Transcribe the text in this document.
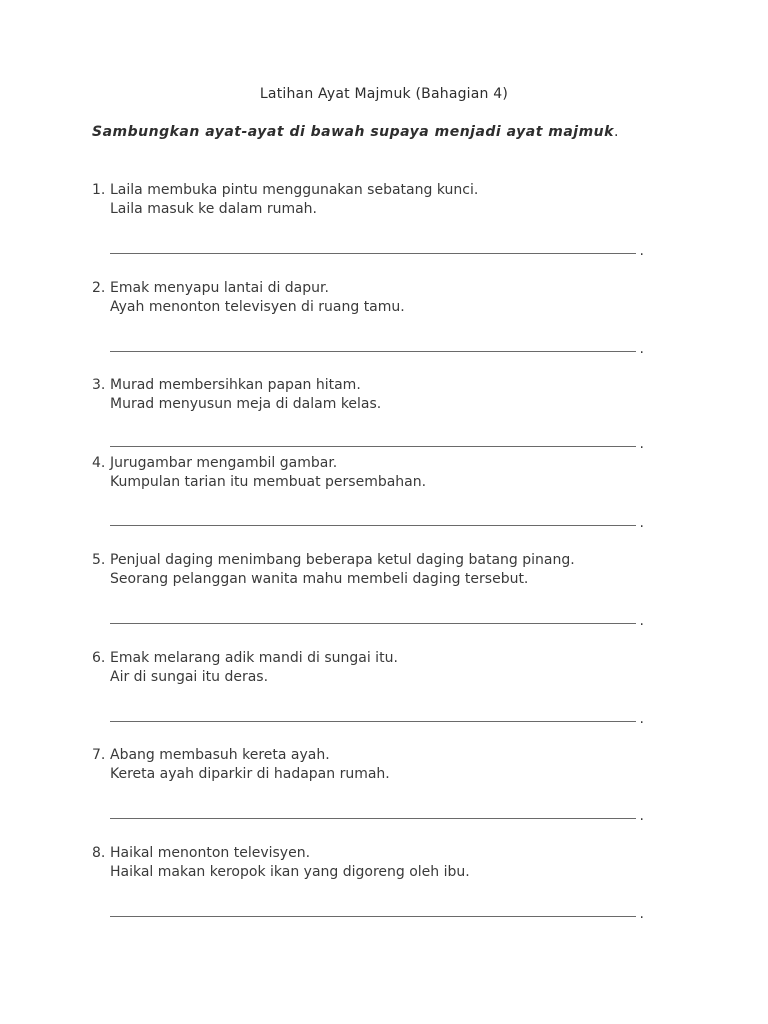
Latihan Ayat Majmuk (Bahagian 4)
Sambungkan ayat-ayat di bawah supaya menjadi ayat majmuk.
1. Laila membuka pintu menggunakan sebatang kunci.
Laila masuk ke dalam rumah.
.
2. Emak menyapu lantai di dapur.
Ayah menonton televisyen di ruang tamu.
.
3. Murad membersihkan papan hitam.
Murad menyusun meja di dalam kelas.
.
4. Jurugambar mengambil gambar.
Kumpulan tarian itu membuat persembahan.
.
5. Penjual daging menimbang beberapa ketul daging batang pinang.
Seorang pelanggan wanita mahu membeli daging tersebut.
.
6. Emak melarang adik mandi di sungai itu.
Air di sungai itu deras.
.
7. Abang membasuh kereta ayah.
Kereta ayah diparkir di hadapan rumah.
.
8. Haikal menonton televisyen.
Haikal makan keropok ikan yang digoreng oleh ibu.
.
